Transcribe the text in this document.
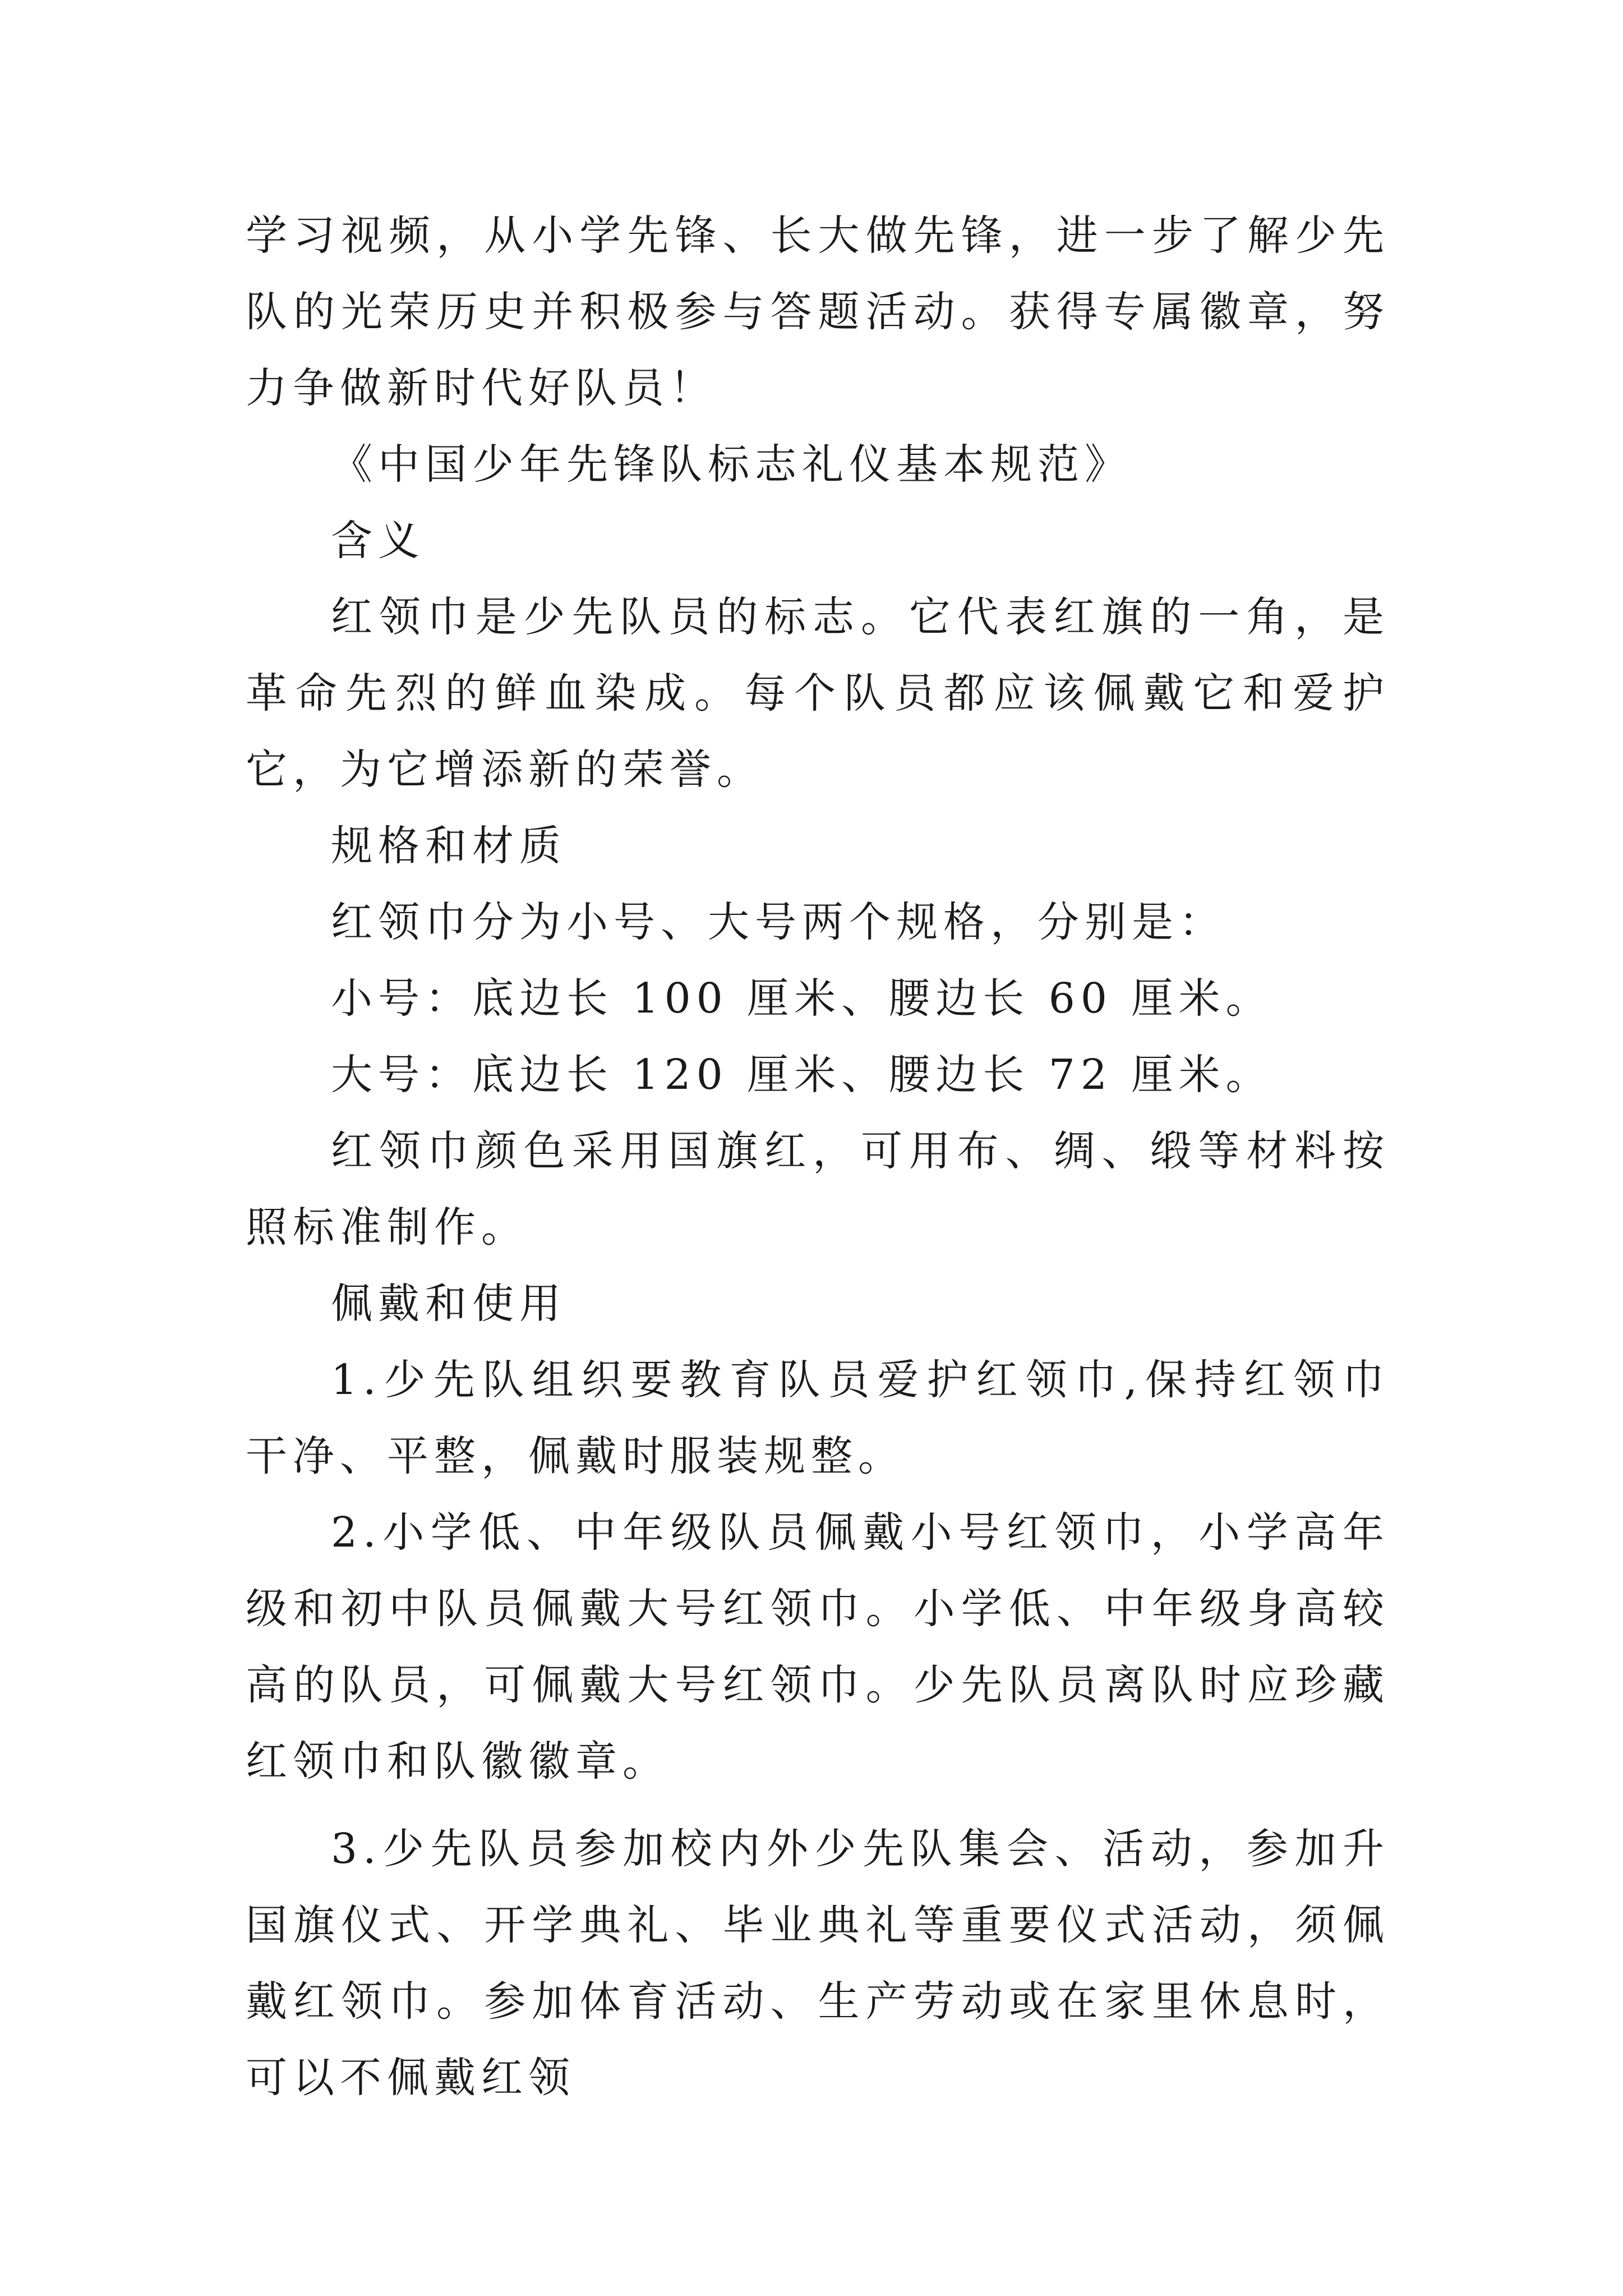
学习视频，从小学先锋、长大做先锋，进一步了解少先队的光荣历史并积极参与答题活动。获得专属徽章，努力争做新时代好队员！

《中国少年先锋队标志礼仪基本规范》

含义

红领巾是少先队员的标志。它代表红旗的一角，是革命先烈的鲜血染成。每个队员都应该佩戴它和爱护它，为它增添新的荣誉。

规格和材质

红领巾分为小号、大号两个规格，分别是：

小号：底边长 100 厘米、腰边长 60 厘米。

大号：底边长 120 厘米、腰边长 72 厘米。

红领巾颜色采用国旗红，可用布、绸、缎等材料按照标准制作。

佩戴和使用

1.少先队组织要教育队员爱护红领巾,保持红领巾干净、平整，佩戴时服装规整。

2.小学低、中年级队员佩戴小号红领巾，小学高年级和初中队员佩戴大号红领巾。小学低、中年级身高较高的队员，可佩戴大号红领巾。少先队员离队时应珍藏红领巾和队徽徽章。

3.少先队员参加校内外少先队集会、活动，参加升国旗仪式、开学典礼、毕业典礼等重要仪式活动，须佩戴红领巾。参加体育活动、生产劳动或在家里休息时，可以不佩戴红领
